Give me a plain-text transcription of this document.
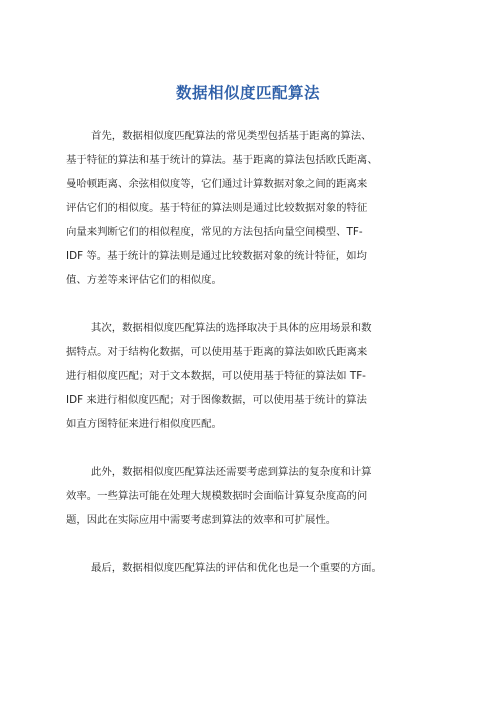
数据相似度匹配算法
首先，数据相似度匹配算法的常见类型包括基于距离的算法、
基于特征的算法和基于统计的算法。基于距离的算法包括欧氏距离、
曼哈顿距离、余弦相似度等，它们通过计算数据对象之间的距离来
评估它们的相似度。基于特征的算法则是通过比较数据对象的特征
向量来判断它们的相似程度，常见的方法包括向量空间模型、TF-
IDF 等。基于统计的算法则是通过比较数据对象的统计特征，如均
值、方差等来评估它们的相似度。
其次，数据相似度匹配算法的选择取决于具体的应用场景和数
据特点。对于结构化数据，可以使用基于距离的算法如欧氏距离来
进行相似度匹配；对于文本数据，可以使用基于特征的算法如 TF-
IDF 来进行相似度匹配；对于图像数据，可以使用基于统计的算法
如直方图特征来进行相似度匹配。
此外，数据相似度匹配算法还需要考虑到算法的复杂度和计算
效率。一些算法可能在处理大规模数据时会面临计算复杂度高的问
题，因此在实际应用中需要考虑到算法的效率和可扩展性。
最后，数据相似度匹配算法的评估和优化也是一个重要的方面。
